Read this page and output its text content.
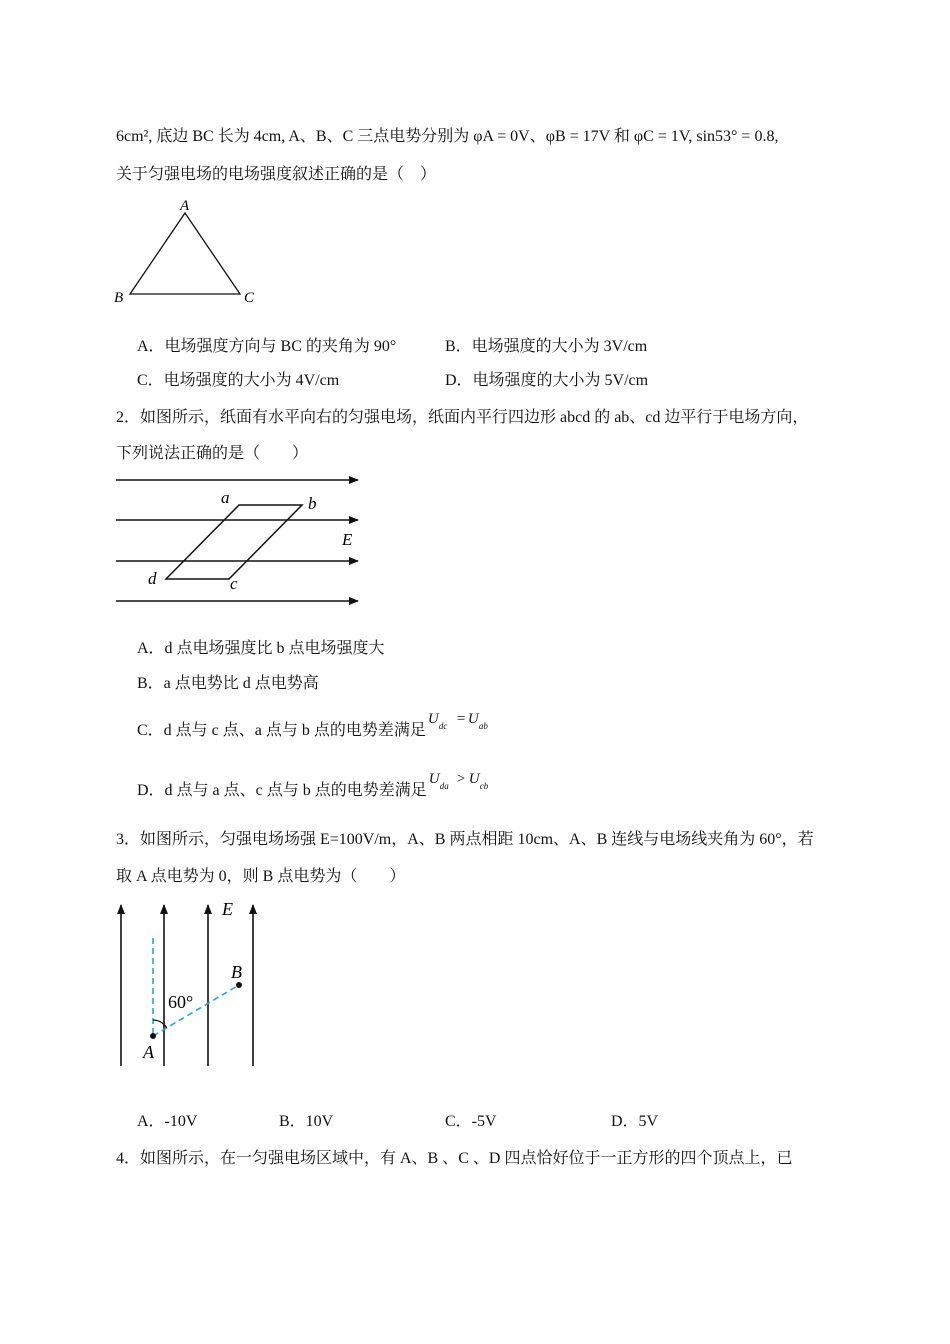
6cm², 底边 BC 长为 4cm, A、B、C 三点电势分别为 φA = 0V、φB = 17V 和 φC = 1V, sin53° = 0.8,
关于匀强电场的电场强度叙述正确的是（　）
A
B	C
A．电场强度方向与 BC 的夹角为 90°	B．电场强度的大小为 3V/cm
C．电场强度的大小为 4V/cm	D．电场强度的大小为 5V/cm
2．如图所示，纸面有水平向右的匀强电场，纸面内平行四边形 abcd 的 ab、cd 边平行于电场方向，
下列说法正确的是（　　）
a	b
c
d
E
A．d 点电场强度比 b 点电场强度大
B．a 点电势比 d 点电势高
C．d 点与 c 点、a 点与 b 点的电势差满足
U dc = U ab
D．d 点与 a 点、c 点与 b 点的电势差满足
U da > U cb
3．如图所示，匀强电场场强 E=100V/m，A、B 两点相距 10cm、A、B 连线与电场线夹角为 60°，若
取 A 点电势为 0，则 B 点电势为（　　）
60°
A
B
E
A．-10V	B．10V	C．-5V	D．5V
4．如图所示，在一匀强电场区域中，有 A、B 、C 、D 四点恰好位于一正方形的四个顶点上，已
